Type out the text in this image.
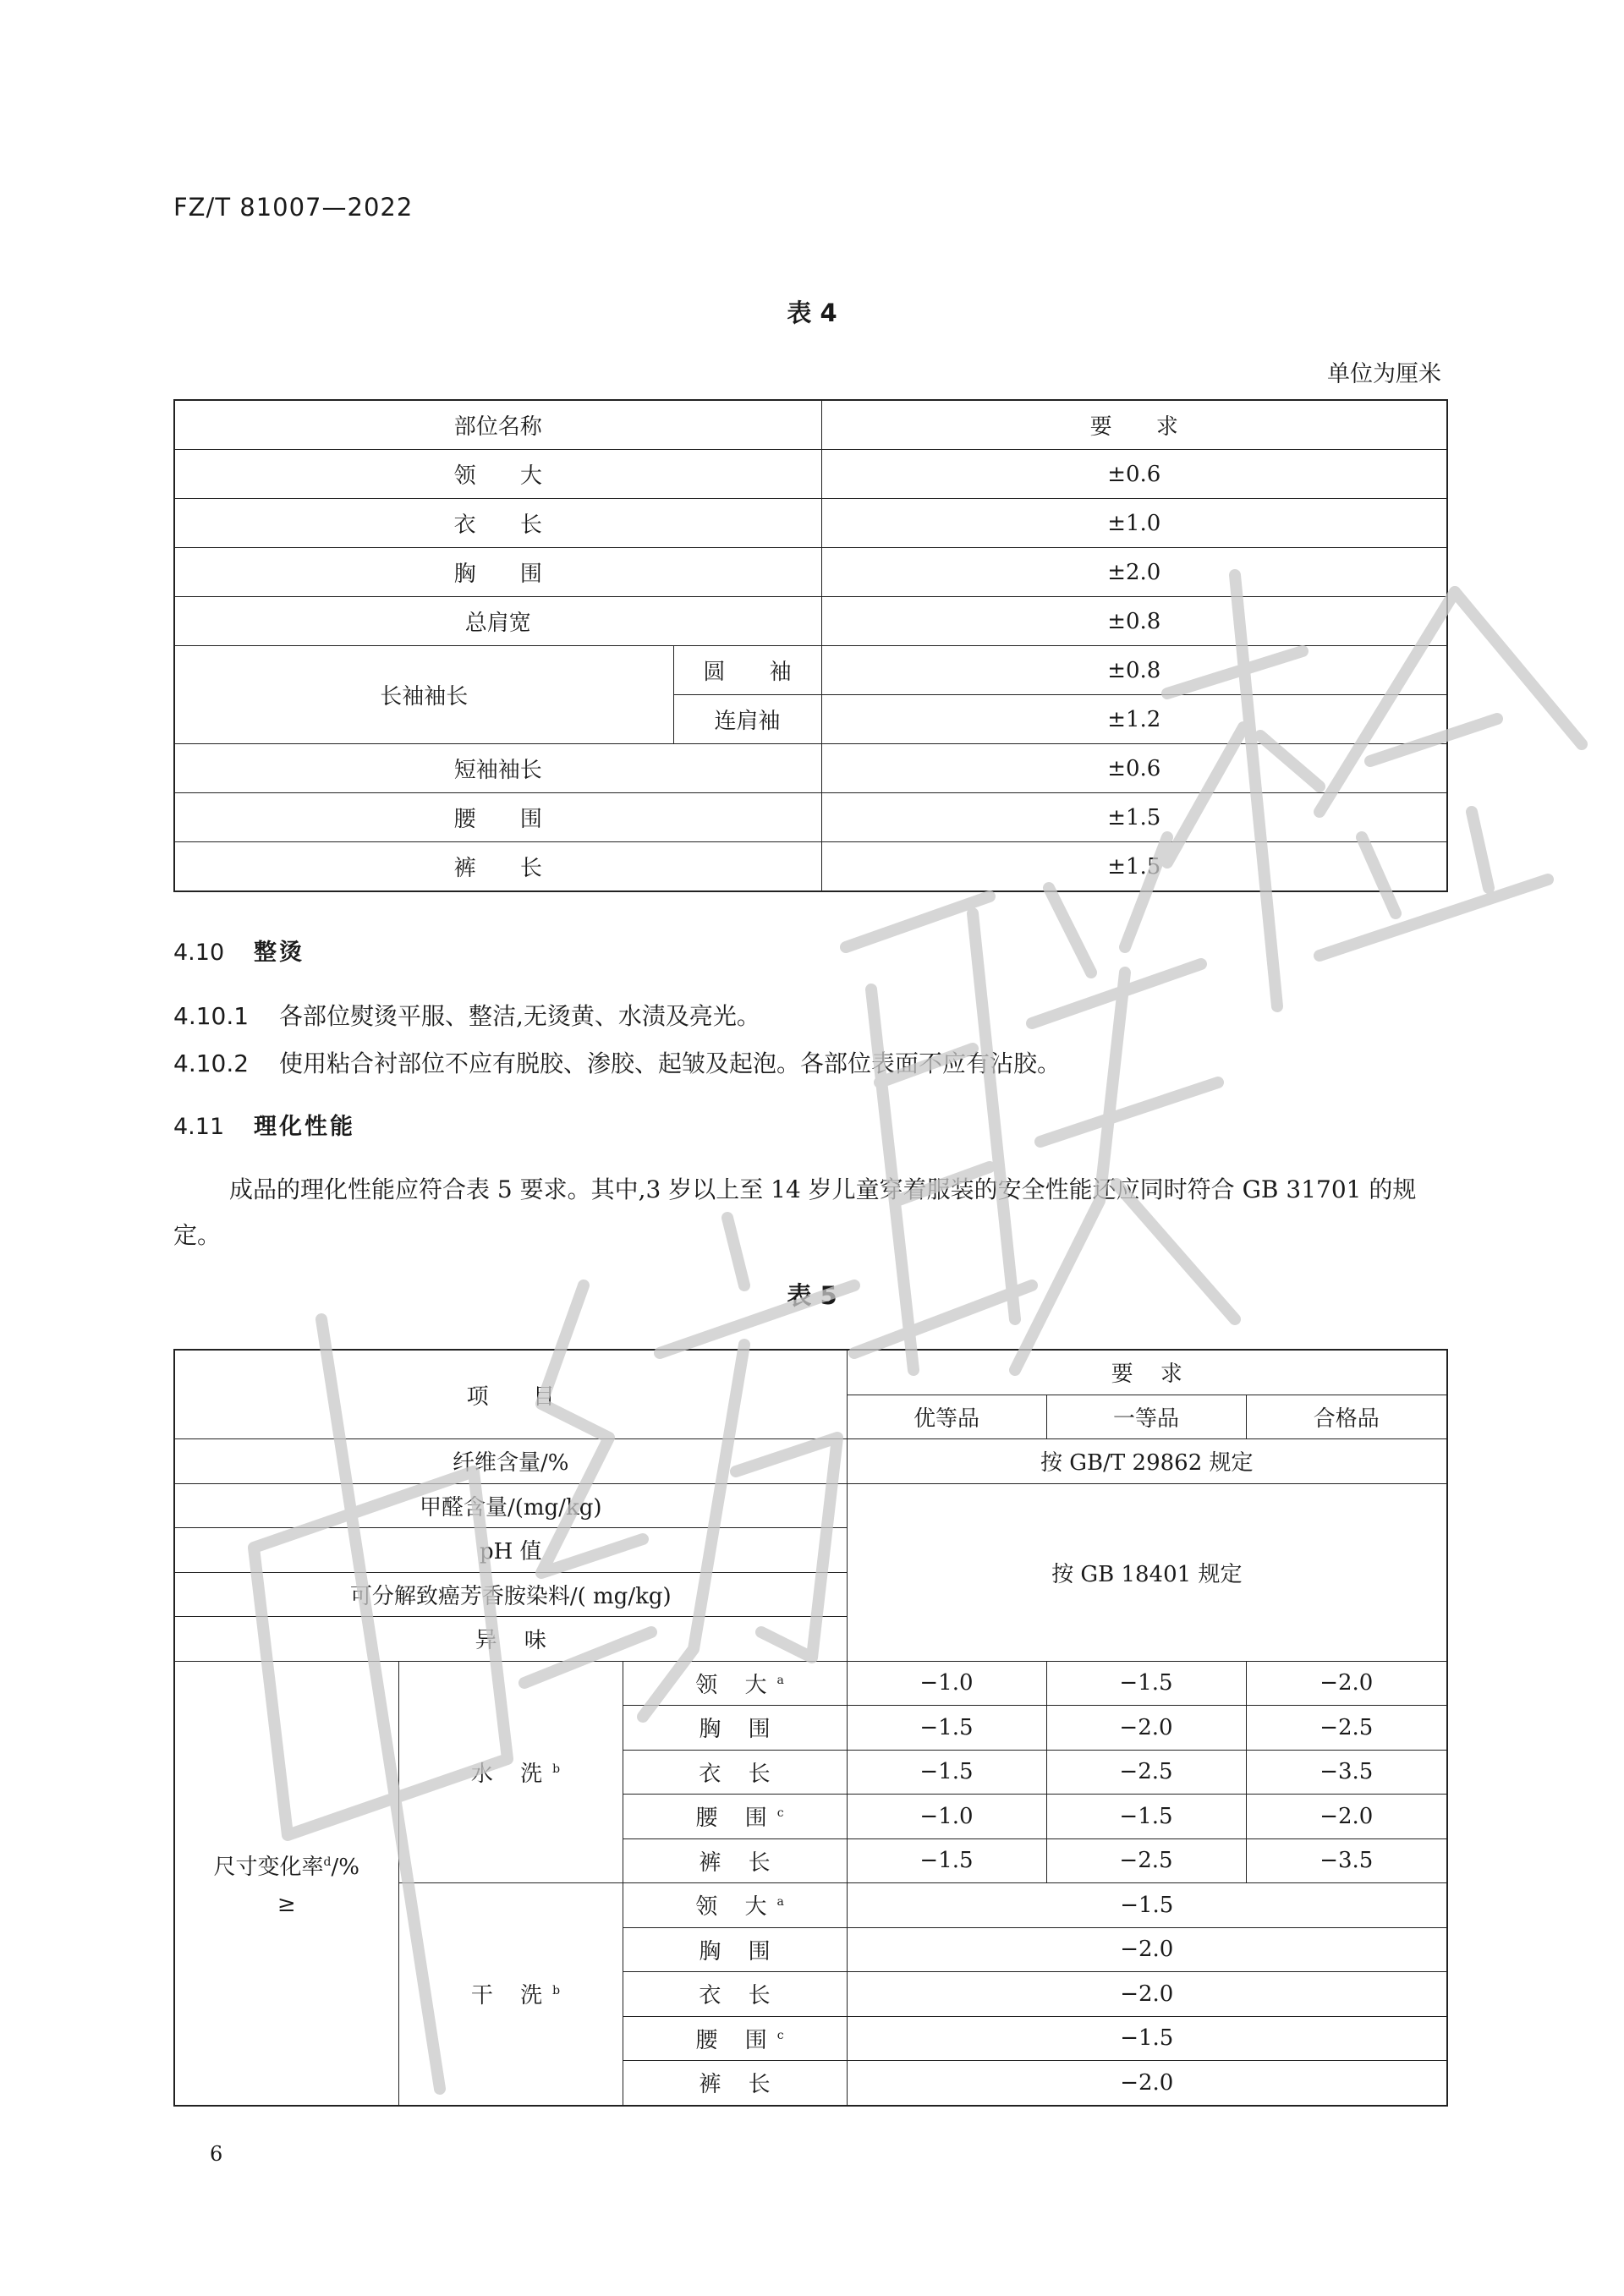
FZ/T 81007—2022
表 4
单位为厘米
部位名称		要 求
领 大		±0.6
衣 长		±1.0
胸 围		±2.0
总肩宽		±0.8
长袖袖长	圆 袖	±0.8
	连肩袖	±1.2
短袖袖长		±0.6
腰 围		±1.5
裤 长		±1.5
4.10 整烫
4.10.1 各部位熨烫平服、整洁,无烫黄、水渍及亮光。
4.10.2 使用粘合衬部位不应有脱胶、渗胶、起皱及起泡。各部位表面不应有沾胶。
4.11 理化性能
成品的理化性能应符合表 5 要求。其中,3 岁以上至 14 岁儿童穿着服装的安全性能还应同时符合 GB 31701 的规定。
表 5
项 目			要 求		
			优等品	一等品	合格品
纤维含量/%			按 GB/T 29862 规定		
甲醛含量/(mg/kg)			按 GB 18401 规定		
pH 值					
可分解致癌芳香胺染料/( mg/kg)					
异 味					
尺寸变化率$^d$/%
≥	水 洗$^b$	领 大$^a$	−1.0	−1.5	−2.0
		胸 围	−1.5	−2.0	−2.5
		衣 长	−1.5	−2.5	−3.5
		腰 围$^c$	−1.0	−1.5	−2.0
		裤 长	−1.5	−2.5	−3.5
	干 洗$^b$	领 大$^a$	−1.5		
		胸 围	−2.0		
		衣 长	−2.0		
		腰 围$^c$	−1.5		
		裤 长	−2.0		
6
